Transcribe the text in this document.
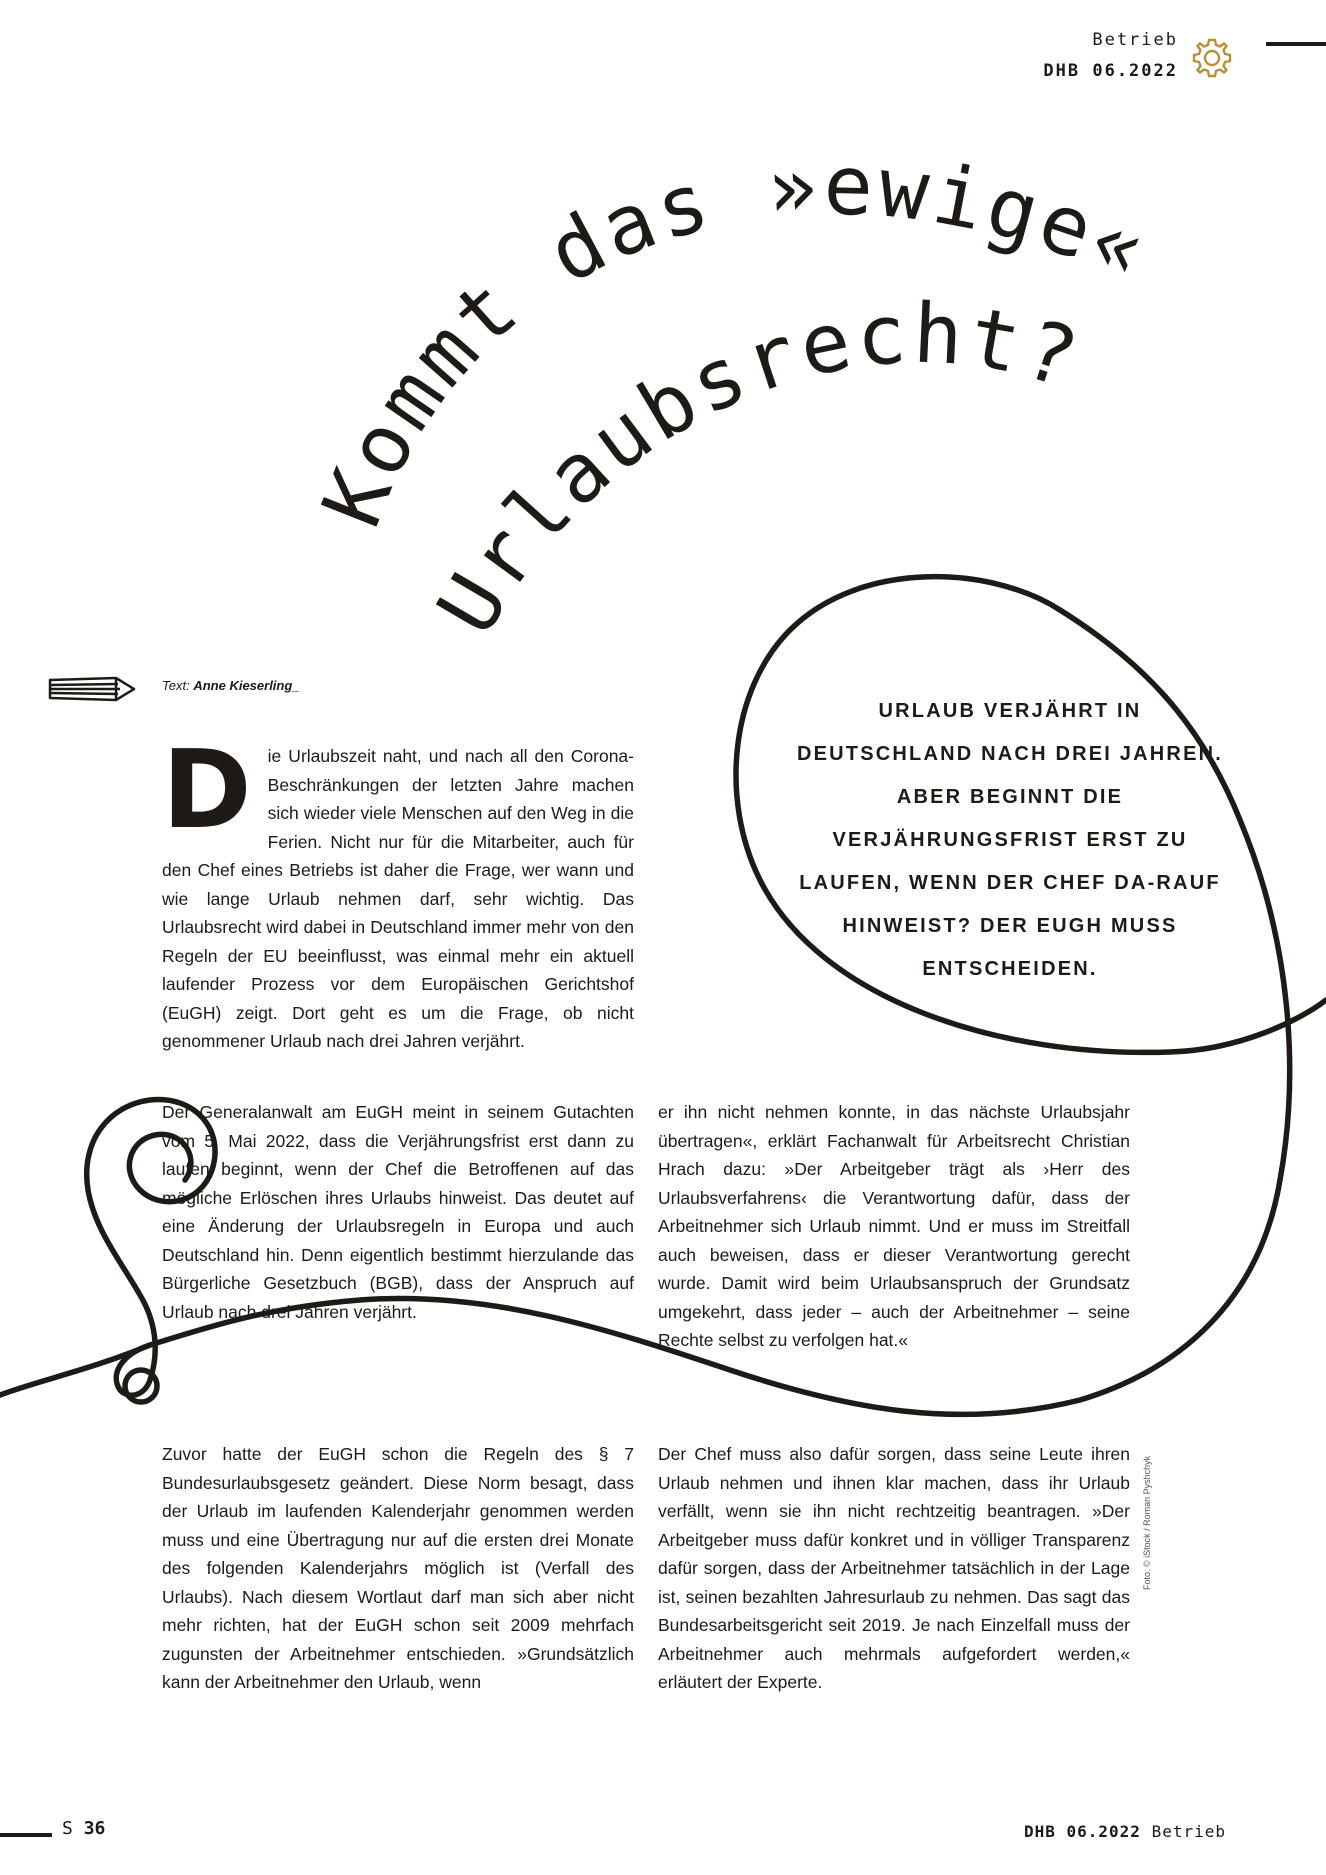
Betrieb
DHB 06.2022
Kommt das »ewige«
Urlaubsrecht?
Text: Anne Kieserling_
D ie Urlaubszeit naht, und nach all den Corona-Beschränkungen der letzten Jahre machen sich wieder viele Menschen auf den Weg in die Ferien. Nicht nur für die Mitarbeiter, auch für den Chef eines Betriebs ist daher die Frage, wer wann und wie lange Urlaub nehmen darf, sehr wichtig. Das Urlaubsrecht wird dabei in Deutschland immer mehr von den Regeln der EU beeinflusst, was einmal mehr ein aktuell laufender Prozess vor dem Europäischen Gerichtshof (EuGH) zeigt. Dort geht es um die Frage, ob nicht genommener Urlaub nach drei Jahren verjährt.
URLAUB VERJÄHRT IN DEUTSCHLAND NACH DREI JAHREN. ABER BEGINNT DIE VERJÄHRUNGSFRIST ERST ZU LAUFEN, WENN DER CHEF DA-RAUF HINWEIST? DER EUGH MUSS ENTSCHEIDEN.

Der Generalanwalt am EuGH meint in seinem Gutachten vom 5. Mai 2022, dass die Verjährungsfrist erst dann zu laufen beginnt, wenn der Chef die Betroffenen auf das mögliche Erlöschen ihres Urlaubs hinweist. Das deutet auf eine Änderung der Urlaubsregeln in Europa und auch Deutschland hin. Denn eigentlich bestimmt hierzulande das Bürgerliche Gesetzbuch (BGB), dass der Anspruch auf Urlaub nach drei Jahren verjährt.

er ihn nicht nehmen konnte, in das nächste Urlaubsjahr übertragen«, erklärt Fachanwalt für Arbeitsrecht Christian Hrach dazu: »Der Arbeitgeber trägt als ›Herr des Urlaubsverfahrens‹ die Verantwortung dafür, dass der Arbeitnehmer sich Urlaub nimmt. Und er muss im Streitfall auch beweisen, dass er dieser Verantwortung gerecht wurde. Damit wird beim Urlaubsanspruch der Grundsatz umgekehrt, dass jeder – auch der Arbeitnehmer – seine Rechte selbst zu verfolgen hat.«

Zuvor hatte der EuGH schon die Regeln des § 7 Bundesurlaubsgesetz geändert. Diese Norm besagt, dass der Urlaub im laufenden Kalenderjahr genommen werden muss und eine Übertragung nur auf die ersten drei Monate des folgenden Kalenderjahrs möglich ist (Verfall des Urlaubs). Nach diesem Wortlaut darf man sich aber nicht mehr richten, hat der EuGH schon seit 2009 mehrfach zugunsten der Arbeitnehmer entschieden. »Grundsätzlich kann der Arbeitnehmer den Urlaub, wenn

Der Chef muss also dafür sorgen, dass seine Leute ihren Urlaub nehmen und ihnen klar machen, dass ihr Urlaub verfällt, wenn sie ihn nicht rechtzeitig beantragen. »Der Arbeitgeber muss dafür konkret und in völliger Transparenz dafür sorgen, dass der Arbeitnehmer tatsächlich in der Lage ist, seinen bezahlten Jahresurlaub zu nehmen. Das sagt das Bundesarbeitsgericht seit 2019. Je nach Einzelfall muss der Arbeitnehmer auch mehrmals aufgefordert werden,« erläutert der Experte.

Foto: © iStock / Roman Pyshchyk
S 36	DHB 06.2022 Betrieb
